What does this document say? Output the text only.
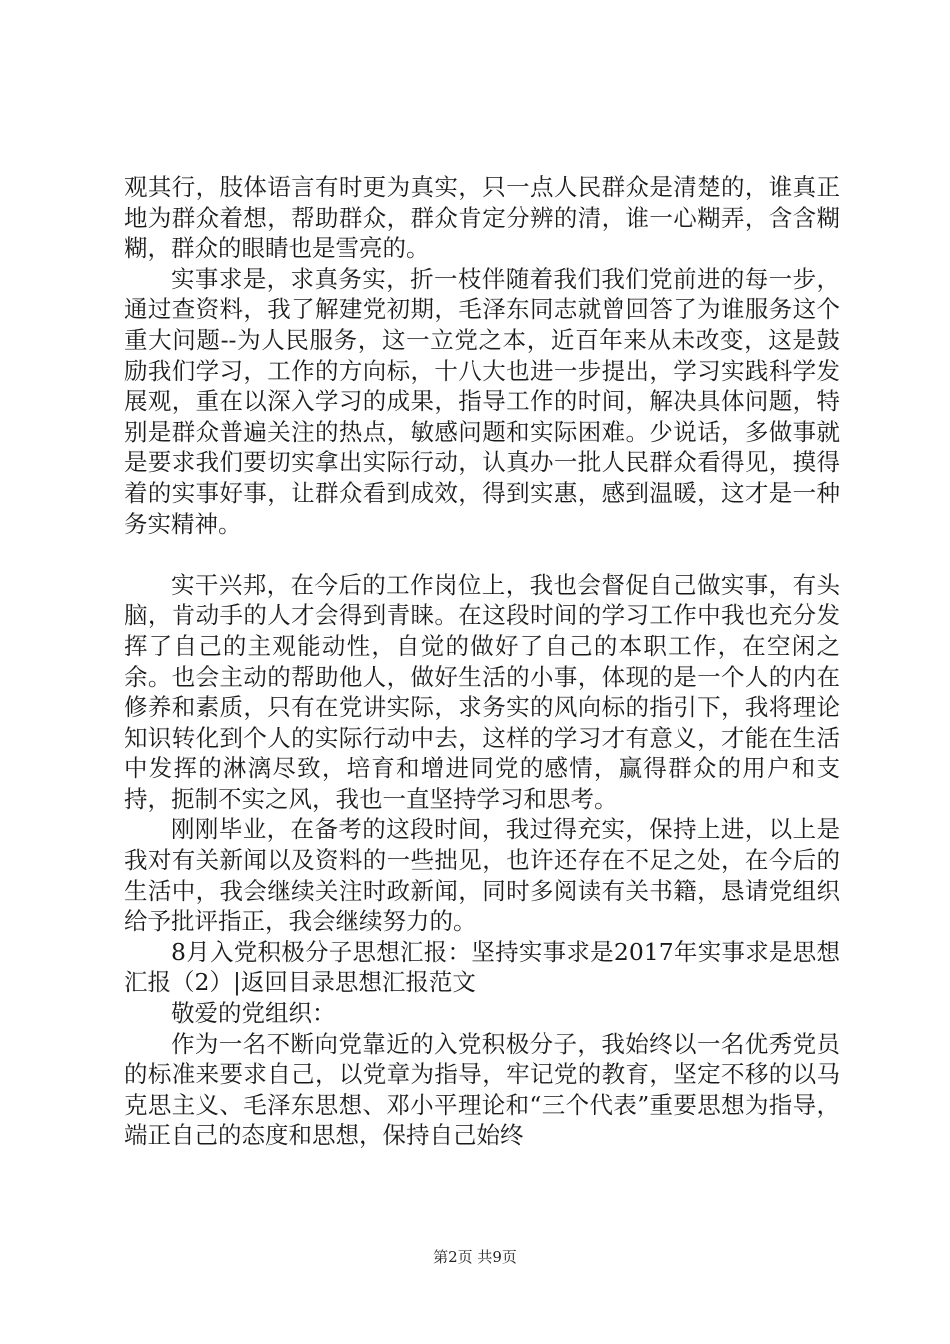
观其行，肢体语言有时更为真实，只一点人民群众是清楚的，谁真正地为群众着想，帮助群众，群众肯定分辨的清，谁一心糊弄，含含糊糊，群众的眼睛也是雪亮的。

实事求是，求真务实，折一枝伴随着我们我们党前进的每一步，通过查资料，我了解建党初期，毛泽东同志就曾回答了为谁服务这个重大问题--为人民服务，这一立党之本，近百年来从未改变，这是鼓励我们学习，工作的方向标，十八大也进一步提出，学习实践科学发展观，重在以深入学习的成果，指导工作的时间，解决具体问题，特别是群众普遍关注的热点，敏感问题和实际困难。少说话，多做事就是要求我们要切实拿出实际行动，认真办一批人民群众看得见，摸得着的实事好事，让群众看到成效，得到实惠，感到温暖，这才是一种务实精神。

实干兴邦，在今后的工作岗位上，我也会督促自己做实事，有头脑，肯动手的人才会得到青睐。在这段时间的学习工作中我也充分发挥了自己的主观能动性，自觉的做好了自己的本职工作，在空闲之余。也会主动的帮助他人，做好生活的小事，体现的是一个人的内在修养和素质，只有在党讲实际，求务实的风向标的指引下，我将理论知识转化到个人的实际行动中去，这样的学习才有意义，才能在生活中发挥的淋漓尽致，培育和增进同党的感情，赢得群众的用户和支持，扼制不实之风，我也一直坚持学习和思考。

刚刚毕业，在备考的这段时间，我过得充实，保持上进，以上是我对有关新闻以及资料的一些拙见，也许还存在不足之处，在今后的生活中，我会继续关注时政新闻，同时多阅读有关书籍，恳请党组织给予批评指正，我会继续努力的。

8月入党积极分子思想汇报：坚持实事求是2017年实事求是思想汇报（2）|返回目录思想汇报范文

敬爱的党组织：

作为一名不断向党靠近的入党积极分子，我始终以一名优秀党员的标准来要求自己，以党章为指导，牢记党的教育，坚定不移的以马克思主义、毛泽东思想、邓小平理论和“三个代表”重要思想为指导，端正自己的态度和思想，保持自己始终

第2页 共9页
